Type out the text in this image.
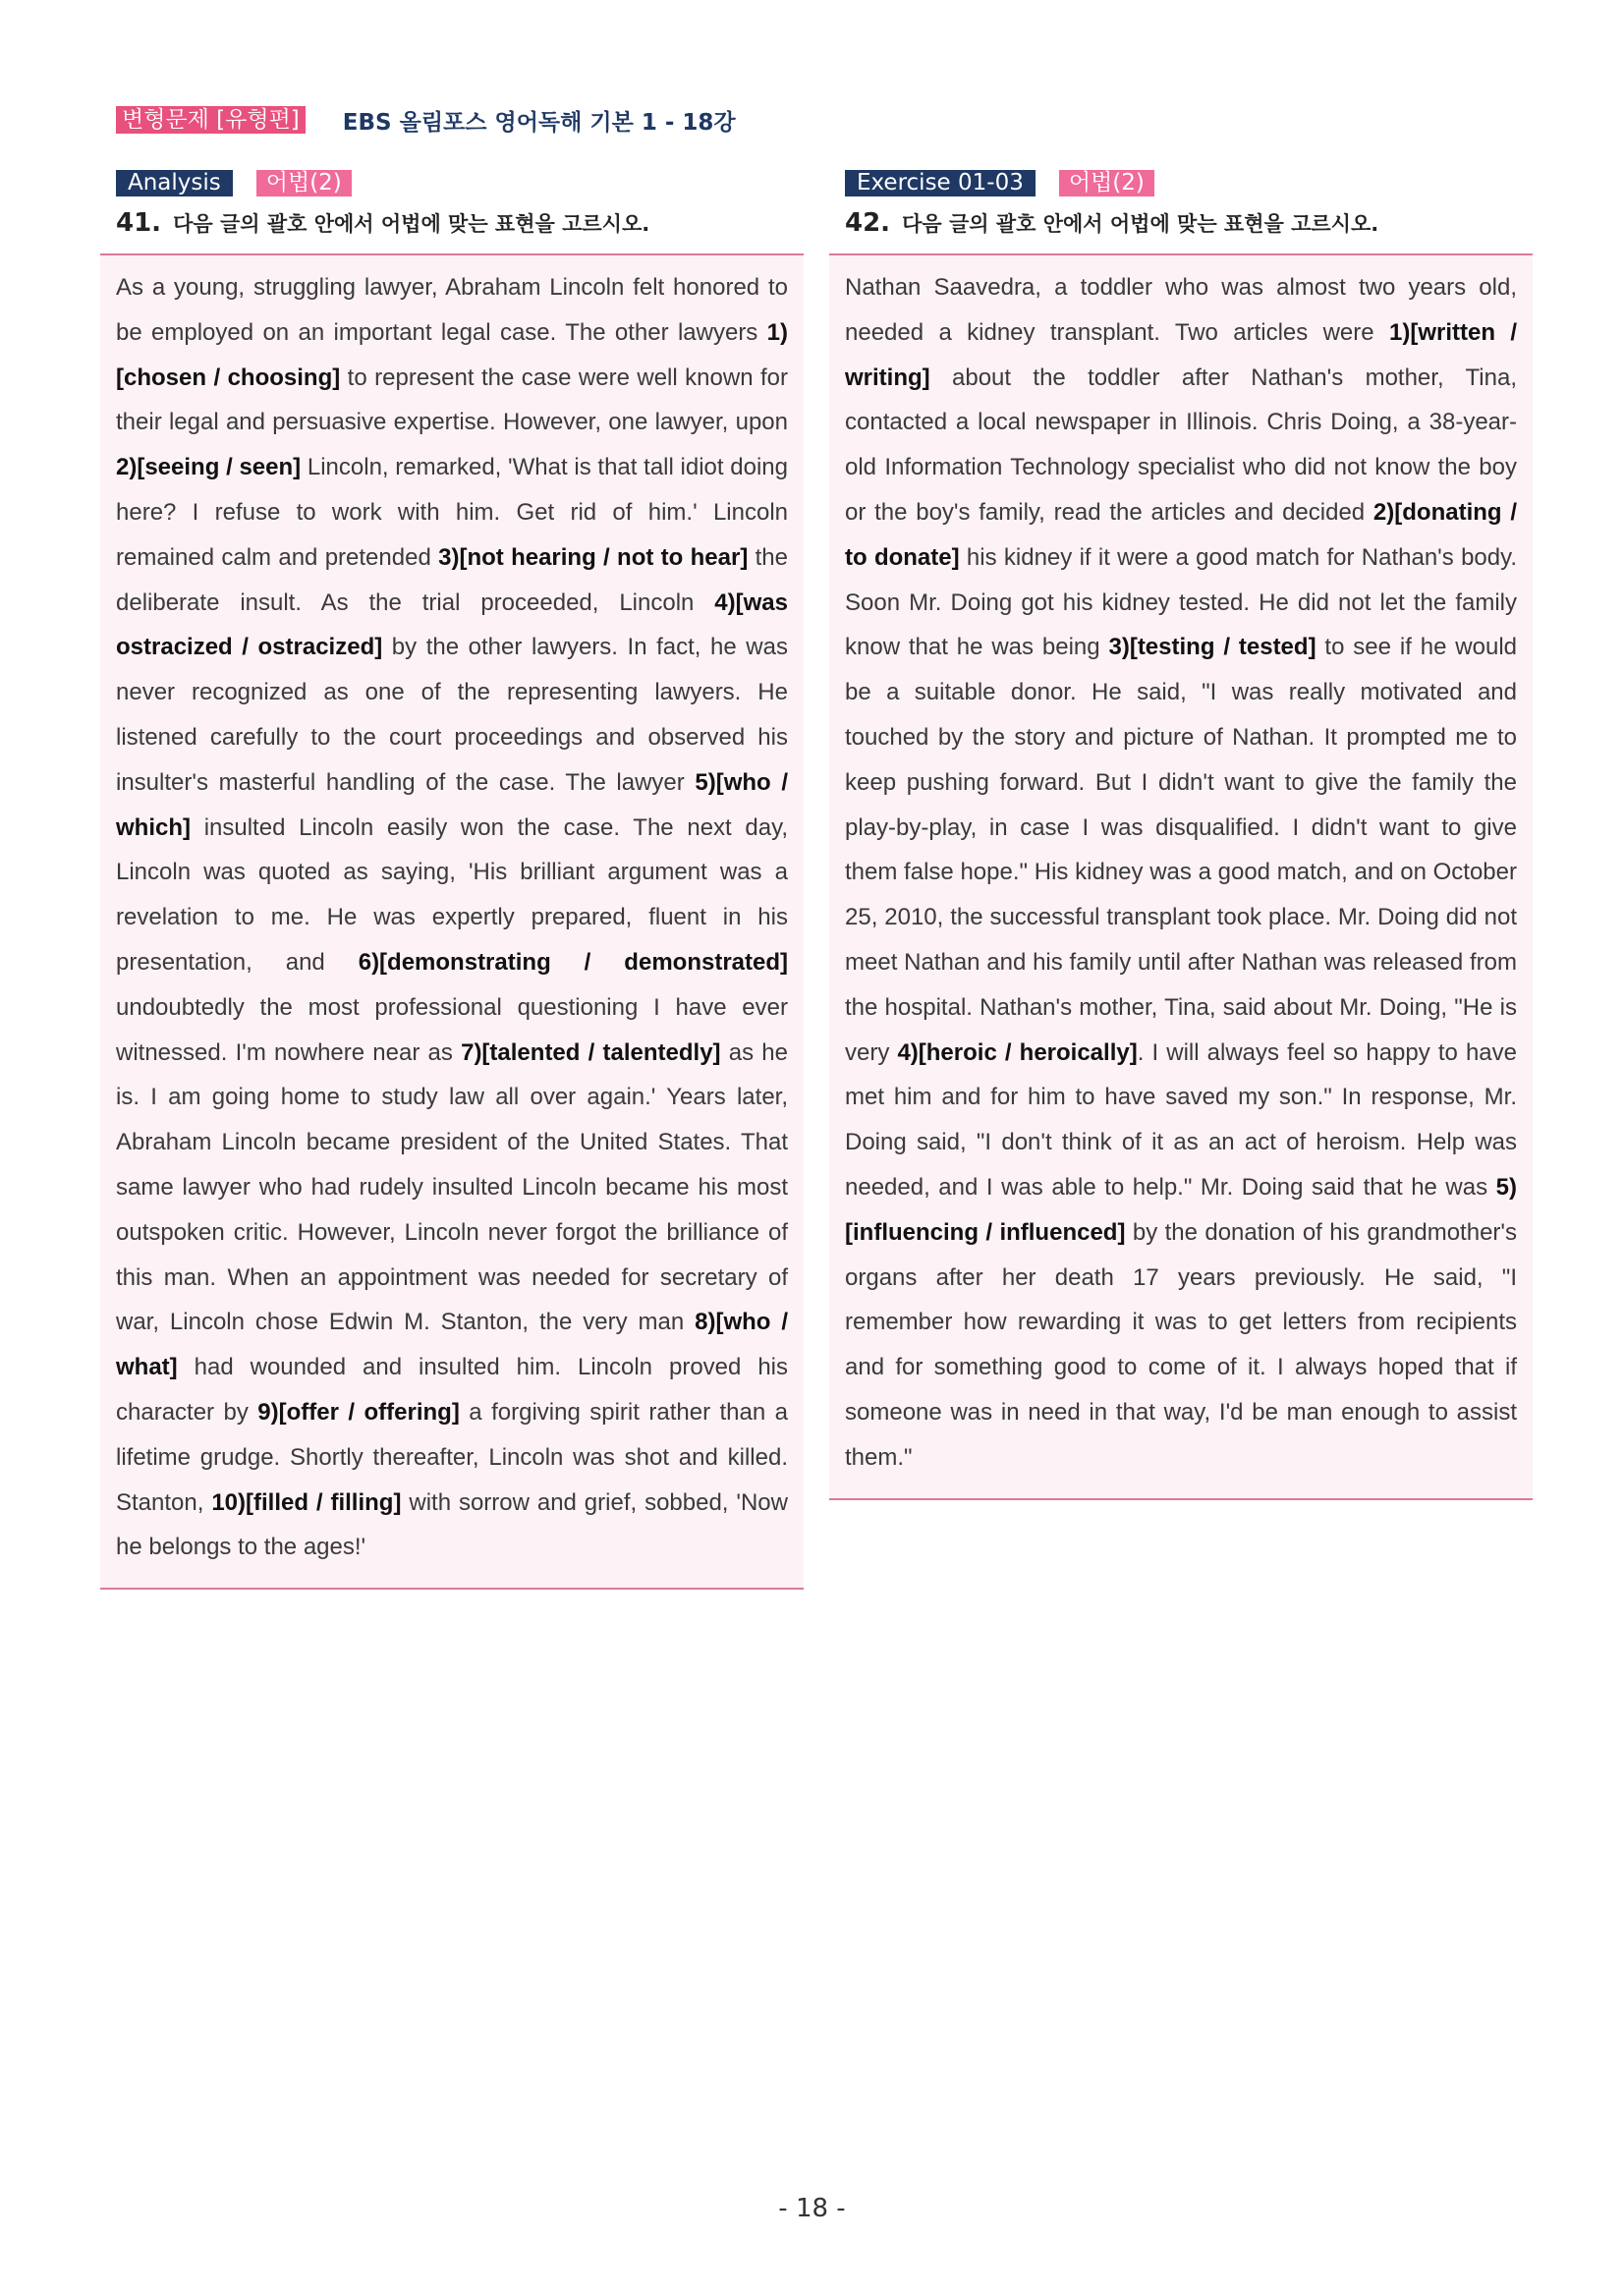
변형문제 [유형편] EBS 올림포스 영어독해 기본 1 - 18강
Analysis	어법(2)
41. 다음 글의 괄호 안에서 어법에 맞는 표현을 고르시오.

As a young, struggling lawyer, Abraham Lincoln felt honored to be employed on an important legal case. The other lawyers 1)[chosen / choosing] to represent the case were well known for their legal and persuasive expertise. However, one lawyer, upon 2)[seeing / seen] Lincoln, remarked, 'What is that tall idiot doing here? I refuse to work with him. Get rid of him.' Lincoln remained calm and pretended 3)[not hearing / not to hear] the deliberate insult. As the trial proceeded, Lincoln 4)[was ostracized / ostracized] by the other lawyers. In fact, he was never recognized as one of the representing lawyers. He listened carefully to the court proceedings and observed his insulter's masterful handling of the case. The lawyer 5)[who / which] insulted Lincoln easily won the case. The next day, Lincoln was quoted as saying, 'His brilliant argument was a revelation to me. He was expertly prepared, fluent in his presentation, and 6)[demonstrating / demonstrated] undoubtedly the most professional questioning I have ever witnessed. I'm nowhere near as 7)[talented / talentedly] as he is. I am going home to study law all over again.' Years later, Abraham Lincoln became president of the United States. That same lawyer who had rudely insulted Lincoln became his most outspoken critic. However, Lincoln never forgot the brilliance of this man. When an appointment was needed for secretary of war, Lincoln chose Edwin M. Stanton, the very man 8)[who / what] had wounded and insulted him. Lincoln proved his character by 9)[offer / offering] a forgiving spirit rather than a lifetime grudge. Shortly thereafter, Lincoln was shot and killed. Stanton, 10)[filled / filling] with sorrow and grief, sobbed, 'Now he belongs to the ages!'

Exercise 01-03	어법(2)
42. 다음 글의 괄호 안에서 어법에 맞는 표현을 고르시오.

Nathan Saavedra, a toddler who was almost two years old, needed a kidney transplant. Two articles were 1)[written / writing] about the toddler after Nathan's mother, Tina, contacted a local newspaper in Illinois. Chris Doing, a 38-year-old Information Technology specialist who did not know the boy or the boy's family, read the articles and decided 2)[donating / to donate] his kidney if it were a good match for Nathan's body. Soon Mr. Doing got his kidney tested. He did not let the family know that he was being 3)[testing / tested] to see if he would be a suitable donor. He said, "I was really motivated and touched by the story and picture of Nathan. It prompted me to keep pushing forward. But I didn't want to give the family the play-by-play, in case I was disqualified. I didn't want to give them false hope." His kidney was a good match, and on October 25, 2010, the successful transplant took place. Mr. Doing did not meet Nathan and his family until after Nathan was released from the hospital. Nathan's mother, Tina, said about Mr. Doing, "He is very 4)[heroic / heroically]. I will always feel so happy to have met him and for him to have saved my son." In response, Mr. Doing said, "I don't think of it as an act of heroism. Help was needed, and I was able to help." Mr. Doing said that he was 5)[influencing / influenced] by the donation of his grandmother's organs after her death 17 years previously. He said, "I remember how rewarding it was to get letters from recipients and for something good to come of it. I always hoped that if someone was in need in that way, I'd be man enough to assist them."

- 18 -
